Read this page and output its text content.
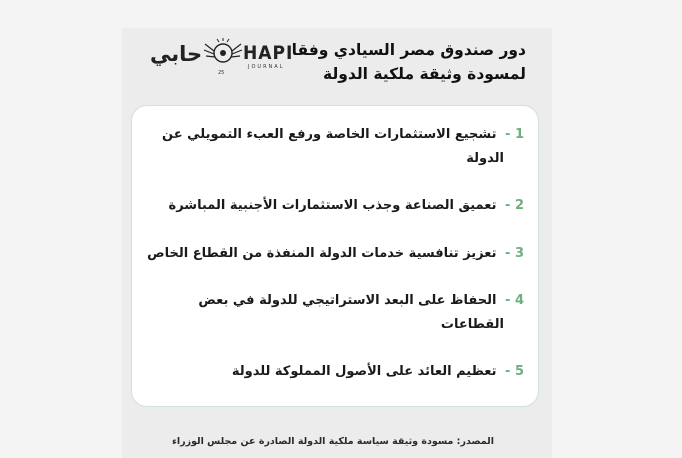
دور صندوق مصر السيادي وفقا
لمسودة وثيقة ملكية الدولة
حابي
25
HAPI
JOURNAL
1 - تشجيع الاستثمارات الخاصة ورفع العبء التمويلي عن
الدولة
2 - تعميق الصناعة وجذب الاستثمارات الأجنبية المباشرة
3 - تعزيز تنافسية خدمات الدولة المنفذة من القطاع الخاص
4 - الحفاظ على البعد الاستراتيجي للدولة في بعض
القطاعات
5 - تعظيم العائد على الأصول المملوكة للدولة
المصدر: مسودة وثيقة سياسة ملكية الدولة الصادرة عن مجلس الوزراء
